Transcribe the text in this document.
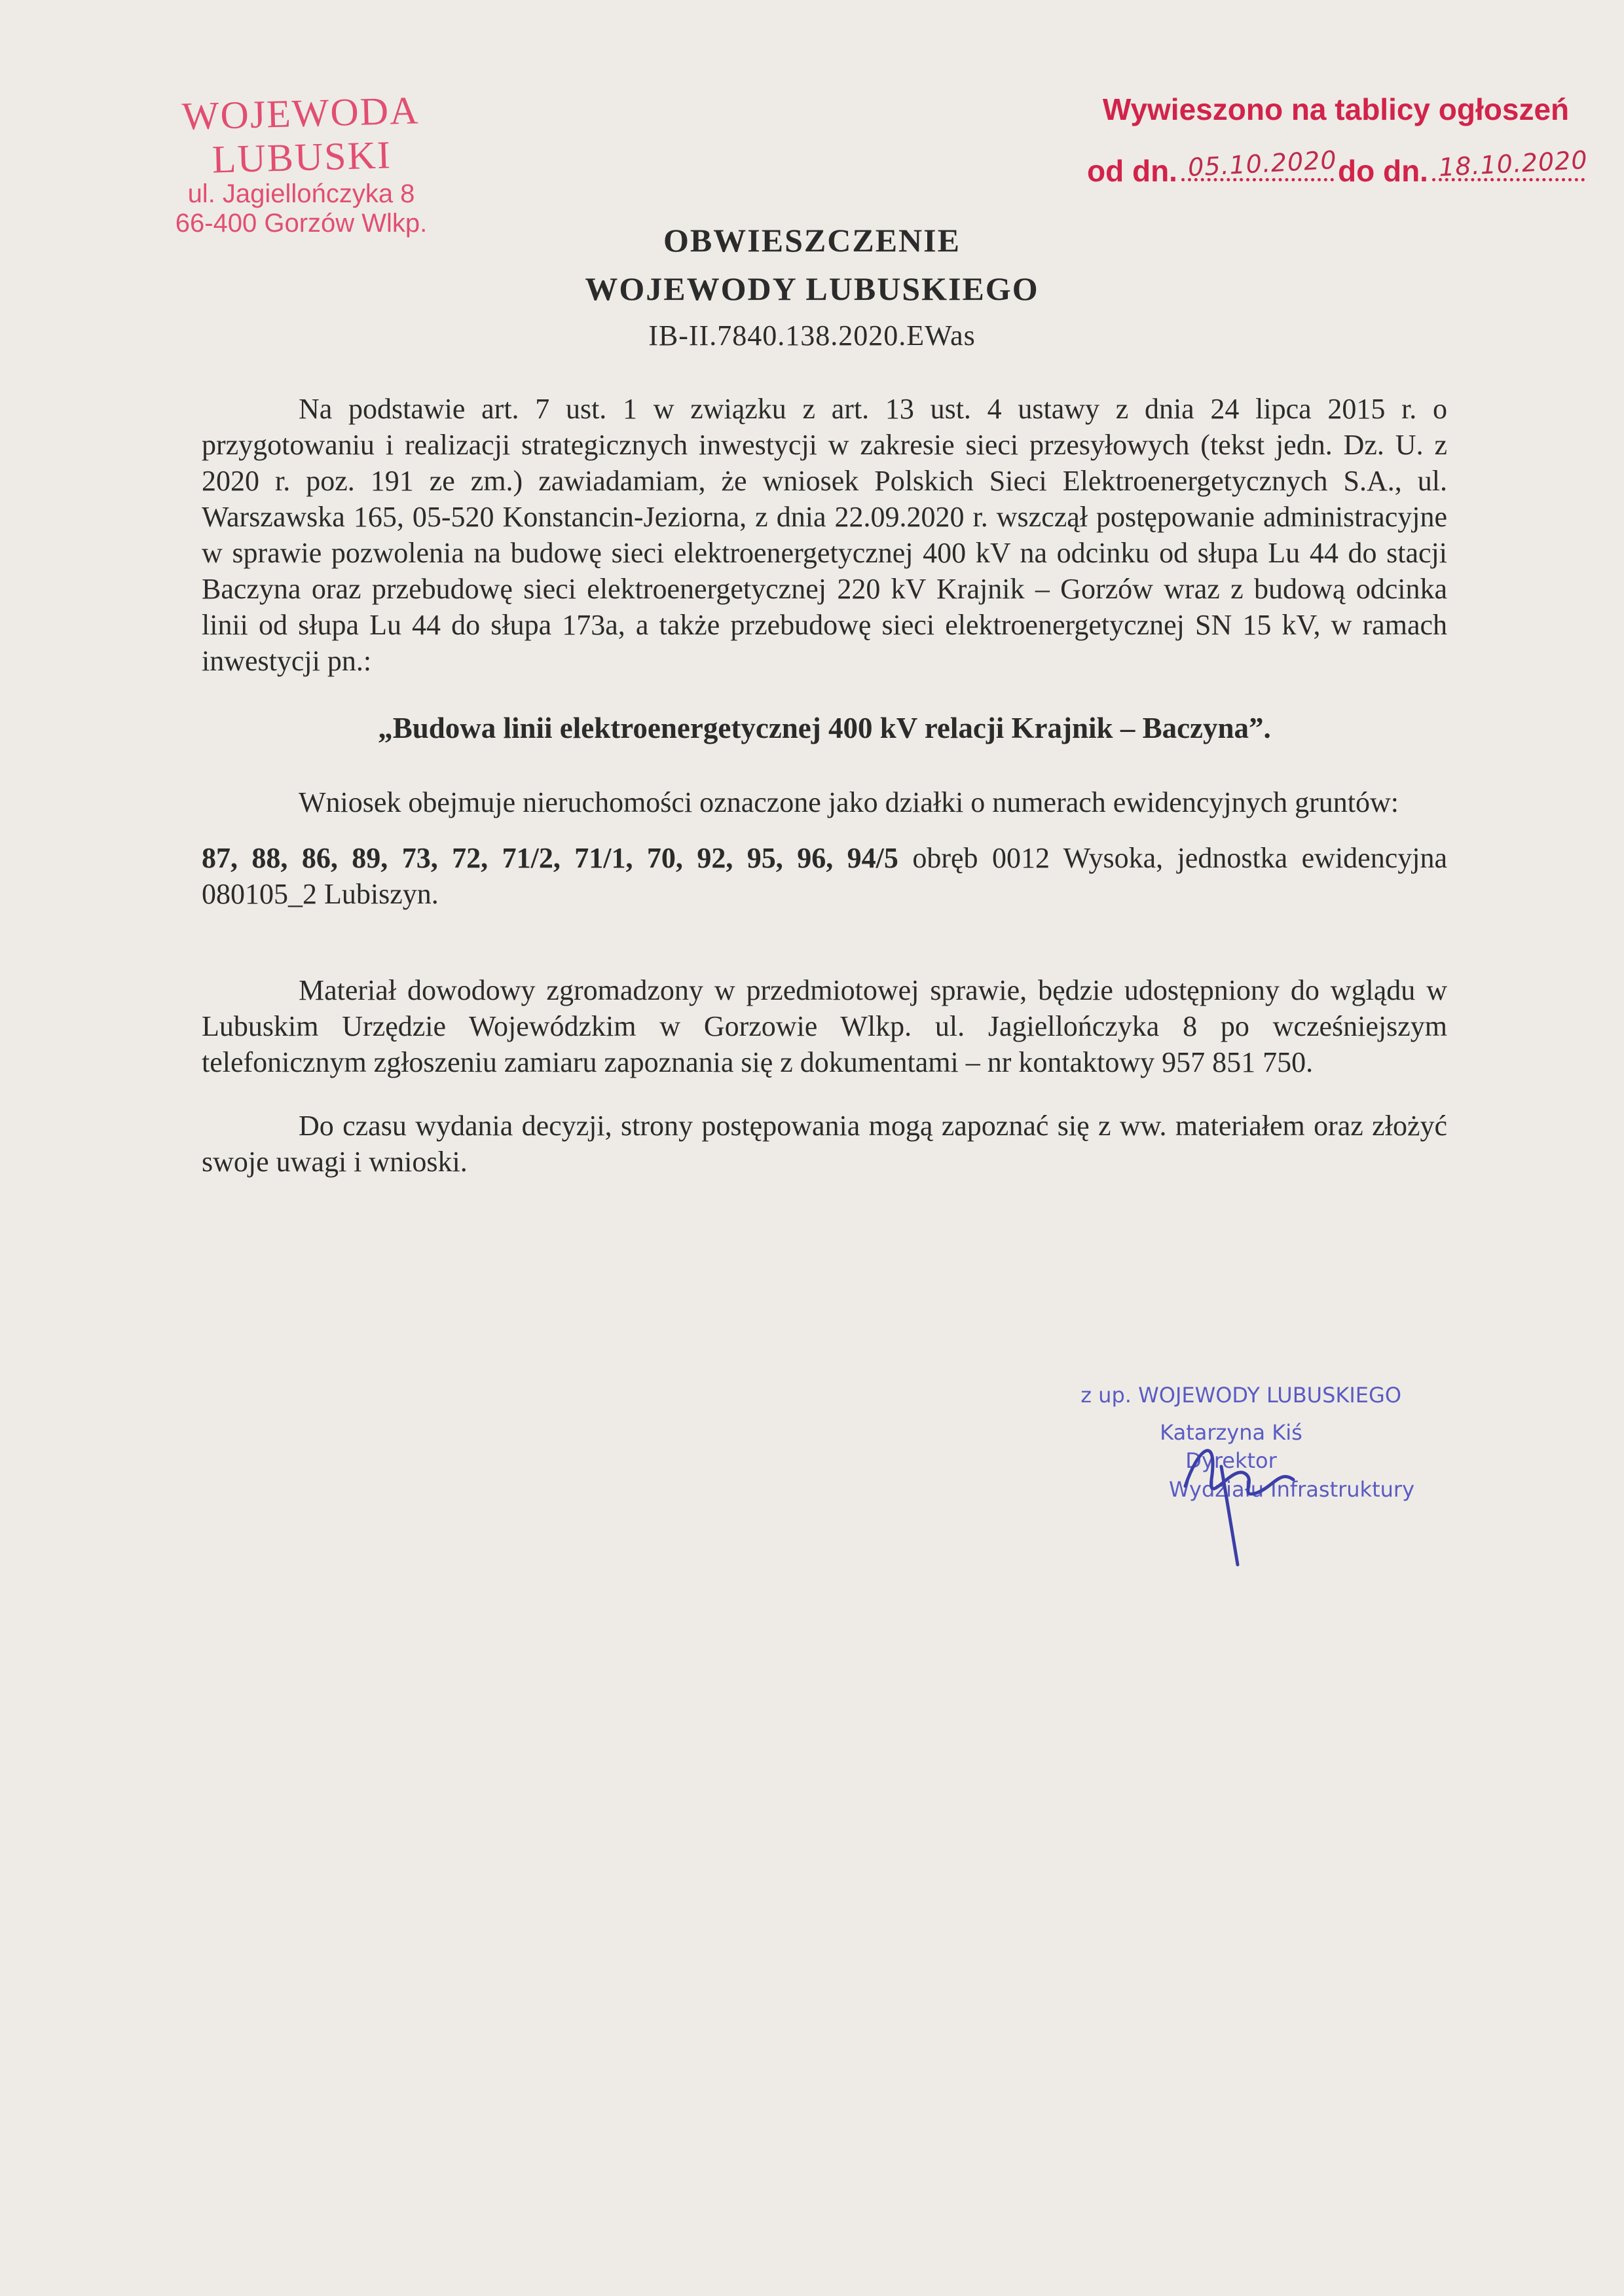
WOJEWODA LUBUSKI
ul. Jagiellończyka 8
66-400 Gorzów Wlkp.
Wywieszono na tablicy ogłoszeń
od dn. 05.10.2020 do dn. 18.10.2020
OBWIESZCZENIE
WOJEWODY LUBUSKIEGO
IB-II.7840.138.2020.EWas

Na podstawie art. 7 ust. 1 w związku z art. 13 ust. 4 ustawy z dnia 24 lipca 2015 r. o przygotowaniu i realizacji strategicznych inwestycji w zakresie sieci przesyłowych (tekst jedn. Dz. U. z 2020 r. poz. 191 ze zm.) zawiadamiam, że wniosek Polskich Sieci Elektroenergetycznych S.A., ul. Warszawska 165, 05-520 Konstancin-Jeziorna, z dnia 22.09.2020 r. wszczął postępowanie administracyjne w sprawie pozwolenia na budowę sieci elektroenergetycznej 400 kV na odcinku od słupa Lu 44 do stacji Baczyna oraz przebudowę sieci elektroenergetycznej 220 kV Krajnik – Gorzów wraz z budową odcinka linii od słupa Lu 44 do słupa 173a, a także przebudowę sieci elektroenergetycznej SN 15 kV, w ramach inwestycji pn.:

„Budowa linii elektroenergetycznej 400 kV relacji Krajnik – Baczyna”.

Wniosek obejmuje nieruchomości oznaczone jako działki o numerach ewidencyjnych gruntów:

87, 88, 86, 89, 73, 72, 71/2, 71/1, 70, 92, 95, 96, 94/5 obręb 0012 Wysoka, jednostka ewidencyjna 080105_2 Lubiszyn.

Materiał dowodowy zgromadzony w przedmiotowej sprawie, będzie udostępniony do wglądu w Lubuskim Urzędzie Wojewódzkim w Gorzowie Wlkp. ul. Jagiellończyka 8 po wcześniejszym telefonicznym zgłoszeniu zamiaru zapoznania się z dokumentami – nr kontaktowy 957 851 750.

Do czasu wydania decyzji, strony postępowania mogą zapoznać się z ww. materiałem oraz złożyć swoje uwagi i wnioski.

z up. WOJEWODY LUBUSKIEGO
Katarzyna Kiś
Dyrektor
Wydziału Infrastruktury
